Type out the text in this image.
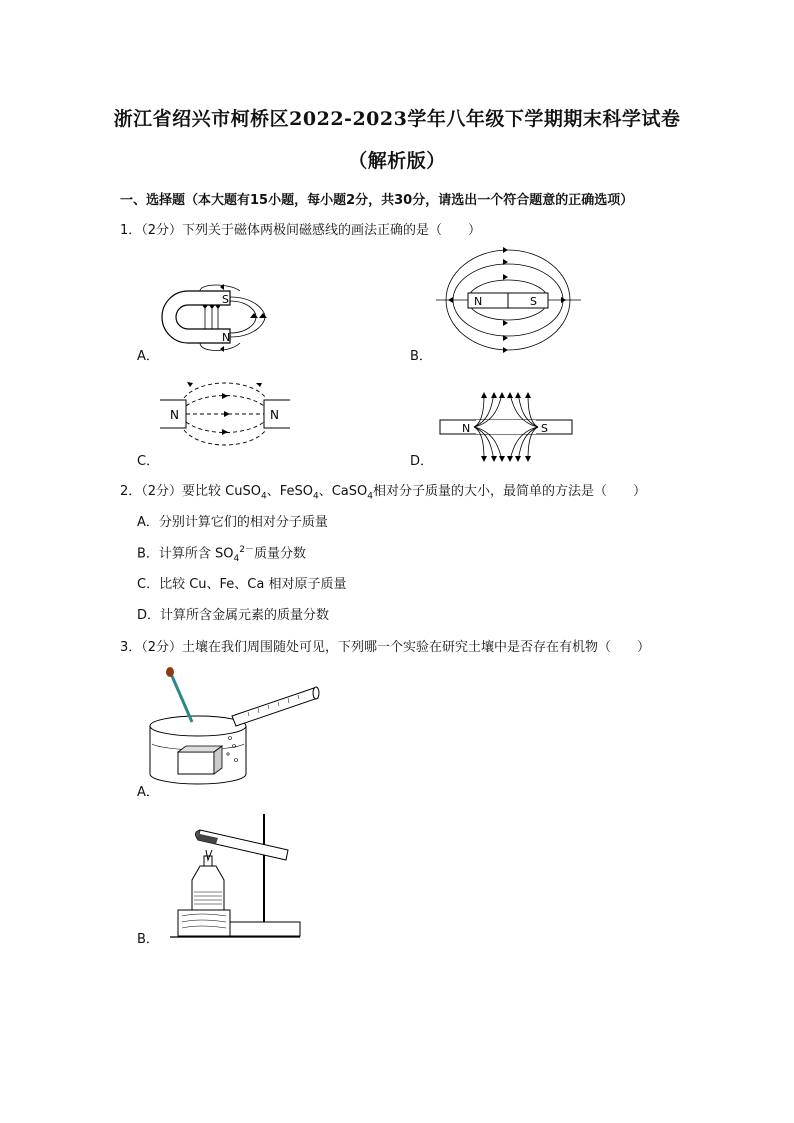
浙江省绍兴市柯桥区2022-2023学年八年级下学期期末科学试卷
（解析版）
一、选择题（本大题有15小题，每小题2分，共30分，请选出一个符合题意的正确选项）
1．（2分）下列关于磁体两极间磁感线的画法正确的是（　　）
S
N
A．
N	S
B．
N	N
C．
N	S
D．
2．（2分）要比较 CuSO$_4$、FeSO$_4$、CaSO$_4$相对分子质量的大小，最简单的方法是（　　）
A．分别计算它们的相对分子质量
B．计算所含 $SO_4^{2-}$质量分数
C．比较 Cu、Fe、Ca 相对原子质量
D．计算所含金属元素的质量分数
3．（2分）土壤在我们周围随处可见，下列哪一个实验在研究土壤中是否存在有机物（　　）
A．
B．
